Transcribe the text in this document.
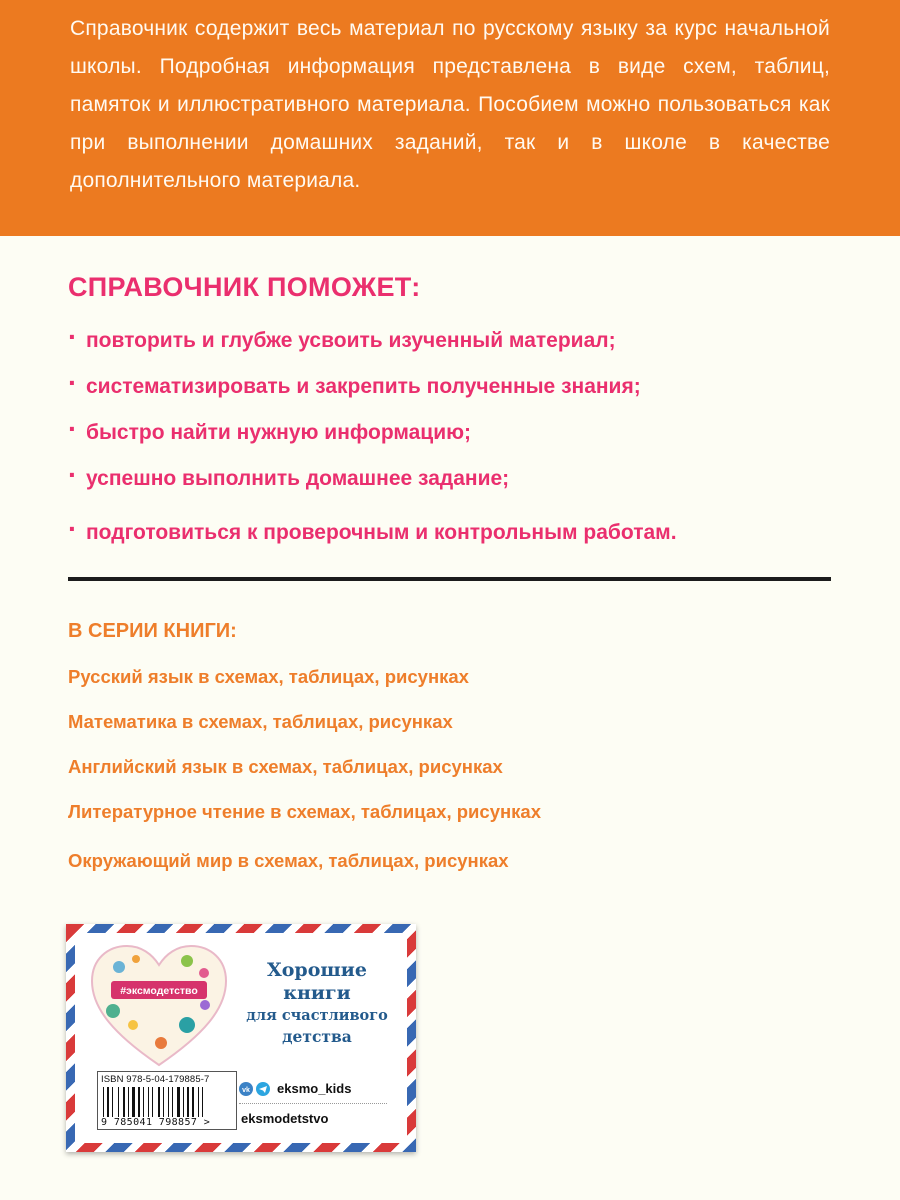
Справочник содержит весь материал по русскому языку за курс начальной школы. Подробная информация представлена в виде схем, таблиц, памяток и иллюстративного материала. Пособием можно пользоваться как при выполнении домашних заданий, так и в школе в качестве дополнительного материала.

СПРАВОЧНИК ПОМОЖЕТ:
· повторить и глубже усвоить изученный материал;
· систематизировать и закрепить полученные знания;
· быстро найти нужную информацию;
· успешно выполнить домашнее задание;
· подготовиться к проверочным и контрольным работам.
В СЕРИИ КНИГИ:
Русский язык в схемах, таблицах, рисунках
Математика в схемах, таблицах, рисунках
Английский язык в схемах, таблицах, рисунках
Литературное чтение в схемах, таблицах, рисунках
Окружающий мир в схемах, таблицах, рисунках
#эксмодетство
Хорошие
книги
для счастливого
детства
ISBN 978-5-04-179885-7
9 785041 798857 >
vk eksmo_kids
eksmodetstvo
